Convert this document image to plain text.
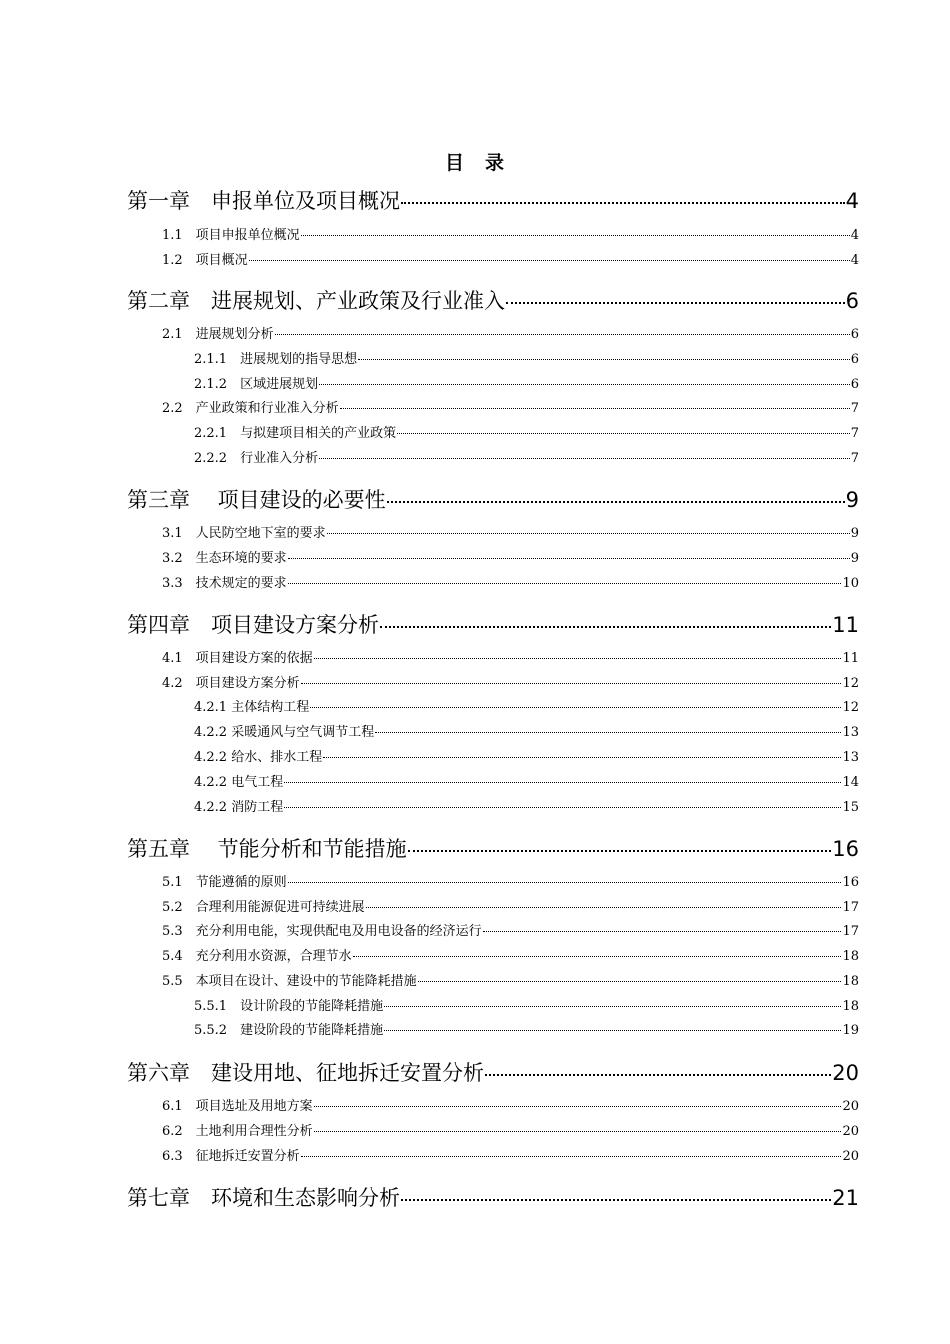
目　录
第一章　申报单位及项目概况	4
1.1　项目申报单位概况	4
1.2　项目概况	4
第二章　进展规划、产业政策及行业准入	6
2.1　进展规划分析	6
2.1.1　进展规划的指导思想	6
2.1.2　区域进展规划	6
2.2　产业政策和行业准入分析	7
2.2.1　与拟建项目相关的产业政策	7
2.2.2　行业准入分析	7
第三章　 项目建设的必要性	9
3.1　人民防空地下室的要求	9
3.2　生态环境的要求	9
3.3　技术规定的要求	10
第四章　项目建设方案分析	11
4.1　项目建设方案的依据	11
4.2　项目建设方案分析	12
4.2.1 主体结构工程	12
4.2.2 采暖通风与空气调节工程	13
4.2.2 给水、排水工程	13
4.2.2 电气工程	14
4.2.2 消防工程	15
第五章　 节能分析和节能措施	16
5.1　节能遵循的原则	16
5.2　合理利用能源促进可持续进展	17
5.3　充分利用电能，实现供配电及用电设备的经济运行	17
5.4　充分利用水资源，合理节水	18
5.5　本项目在设计、建设中的节能降耗措施	18
5.5.1　设计阶段的节能降耗措施	18
5.5.2　建设阶段的节能降耗措施	19
第六章　建设用地、征地拆迁安置分析	20
6.1　项目选址及用地方案	20
6.2　土地利用合理性分析	20
6.3　征地拆迁安置分析	20
第七章　环境和生态影响分析	21
